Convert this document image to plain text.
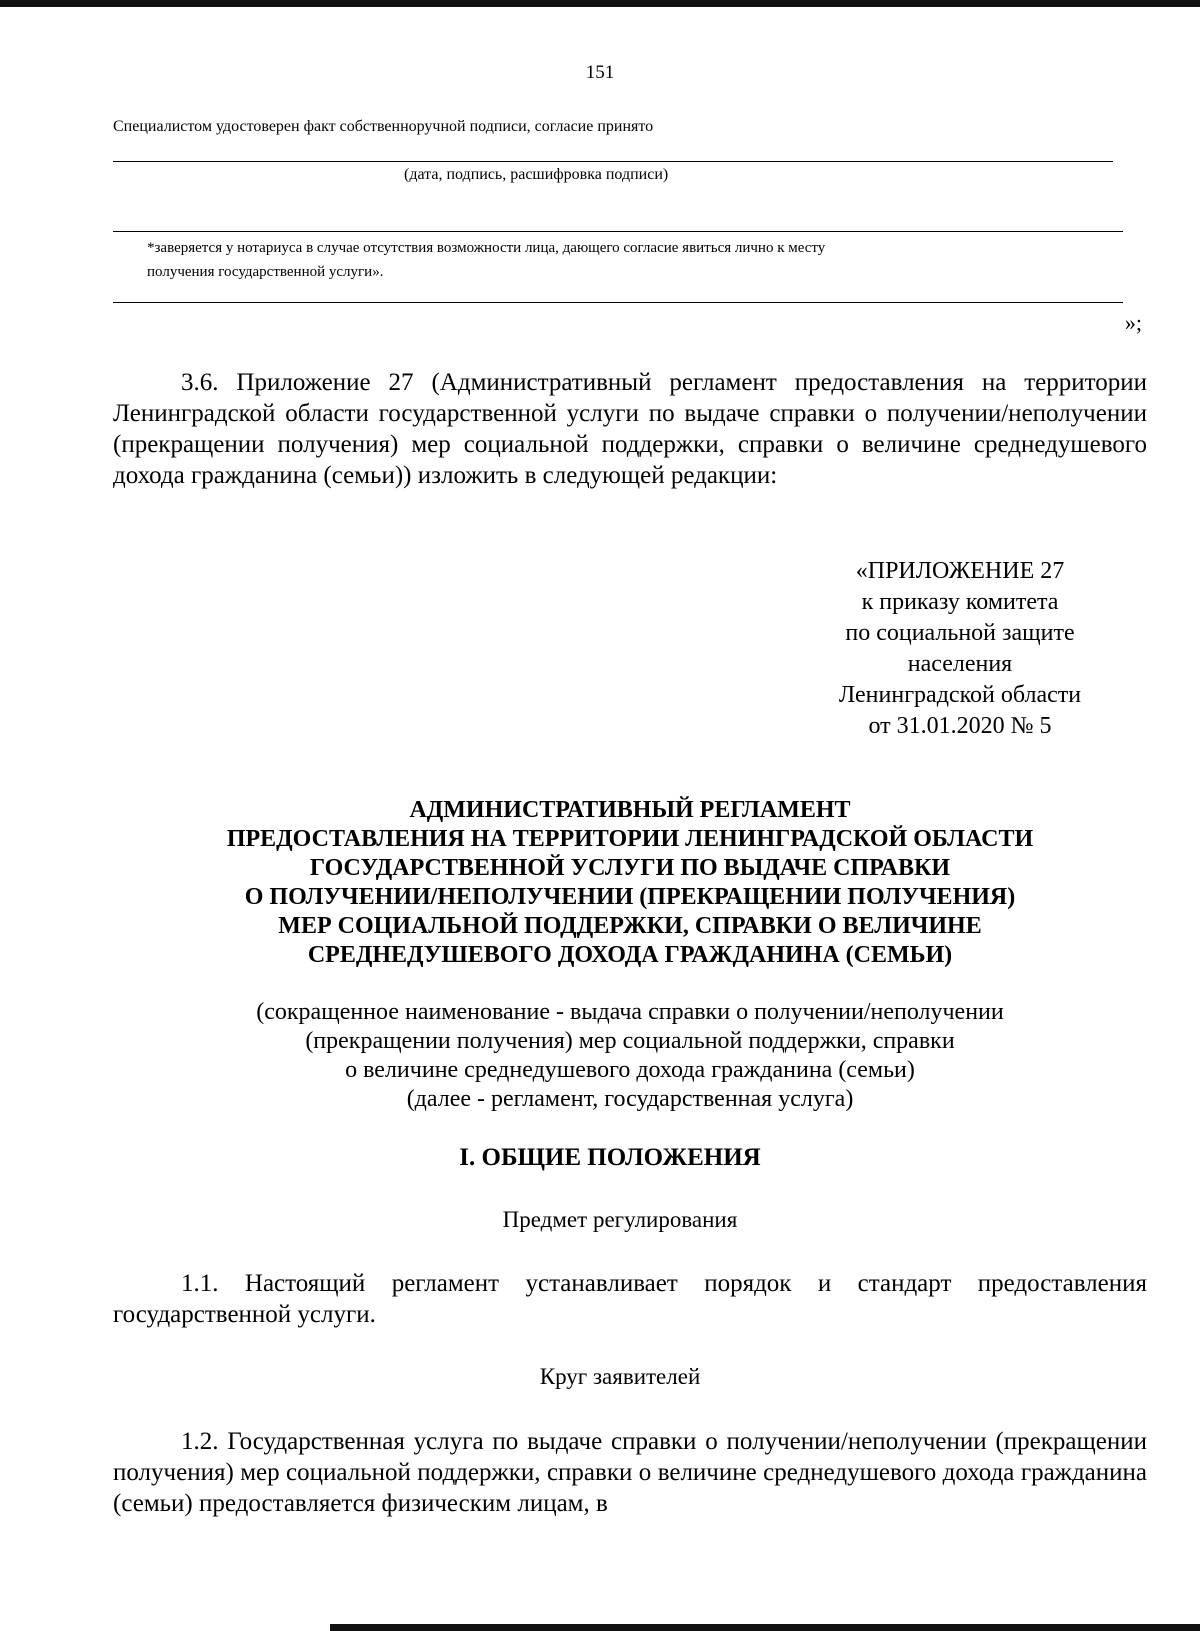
151
Специалистом удостоверен факт собственноручной подписи, согласие принято
(дата, подпись, расшифровка подписи)
*заверяется у нотариуса в случае отсутствия возможности лица, дающего согласие явиться лично к месту
получения государственной услуги».
»;

3.6. Приложение 27 (Административный регламент предоставления на территории Ленинградской области государственной услуги по выдаче справки о получении/неполучении (прекращении получения) мер социальной поддержки, справки о величине среднедушевого дохода гражданина (семьи)) изложить в следующей редакции:

«ПРИЛОЖЕНИЕ 27
к приказу комитета
по социальной защите
населения
Ленинградской области
от 31.01.2020 № 5
АДМИНИСТРАТИВНЫЙ РЕГЛАМЕНТ
ПРЕДОСТАВЛЕНИЯ НА ТЕРРИТОРИИ ЛЕНИНГРАДСКОЙ ОБЛАСТИ
ГОСУДАРСТВЕННОЙ УСЛУГИ ПО ВЫДАЧЕ СПРАВКИ
О ПОЛУЧЕНИИ/НЕПОЛУЧЕНИИ (ПРЕКРАЩЕНИИ ПОЛУЧЕНИЯ)
МЕР СОЦИАЛЬНОЙ ПОДДЕРЖКИ, СПРАВКИ О ВЕЛИЧИНЕ
СРЕДНЕДУШЕВОГО ДОХОДА ГРАЖДАНИНА (СЕМЬИ)
(сокращенное наименование - выдача справки о получении/неполучении
(прекращении получения) мер социальной поддержки, справки
о величине среднедушевого дохода гражданина (семьи)
(далее - регламент, государственная услуга)
I. ОБЩИЕ ПОЛОЖЕНИЯ
Предмет регулирования

1.1. Настоящий регламент устанавливает порядок и стандарт предоставления государственной услуги.

Круг заявителей

1.2. Государственная услуга по выдаче справки о получении/неполучении (прекращении получения) мер социальной поддержки, справки о величине среднедушевого дохода гражданина (семьи) предоставляется физическим лицам, в
